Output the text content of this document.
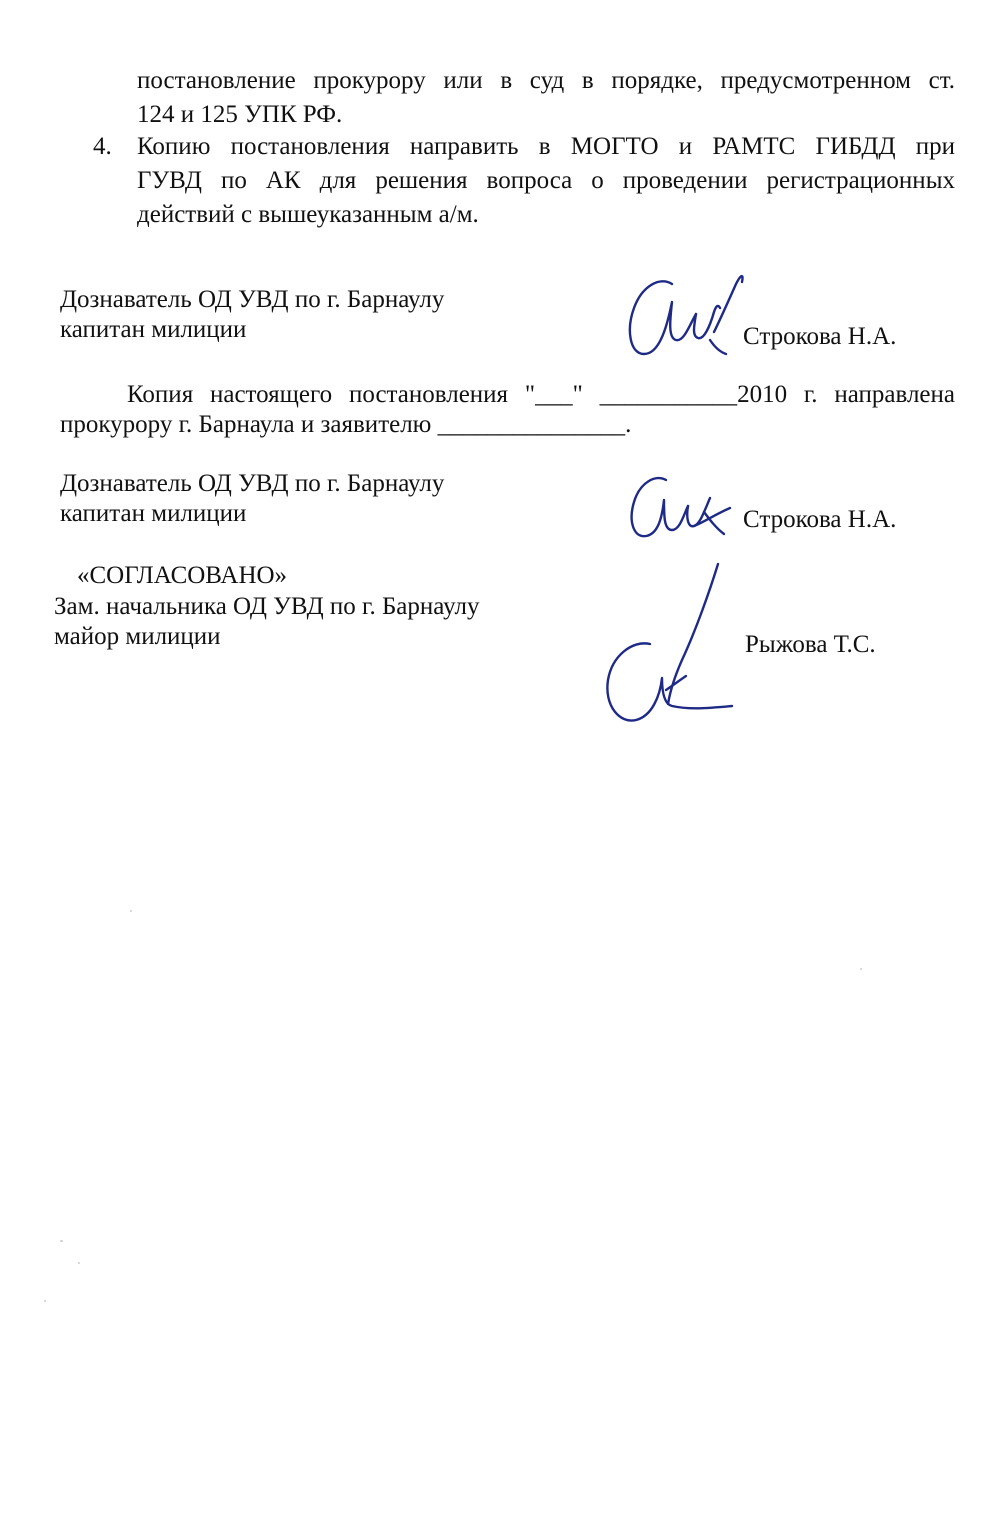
постановление прокурору или в суд в порядке, предусмотренном ст.
124 и 125 УПК РФ.
4. Копию постановления направить в МОГТО и РАМТС ГИБДД при
ГУВД по АК для решения вопроса о проведении регистрационных
действий с вышеуказанным а/м.
Дознаватель ОД УВД по г. Барнаулу
капитан милиции	Строкова Н.А.
Копия настоящего постановления "___" ___________2010 г. направлена
прокурору г. Барнаула и заявителю _______________.
Дознаватель ОД УВД по г. Барнаулу
капитан милиции	Строкова Н.А.
«СОГЛАСОВАНО»
Зам. начальника ОД УВД по г. Барнаулу
майор милиции	Рыжова Т.С.
